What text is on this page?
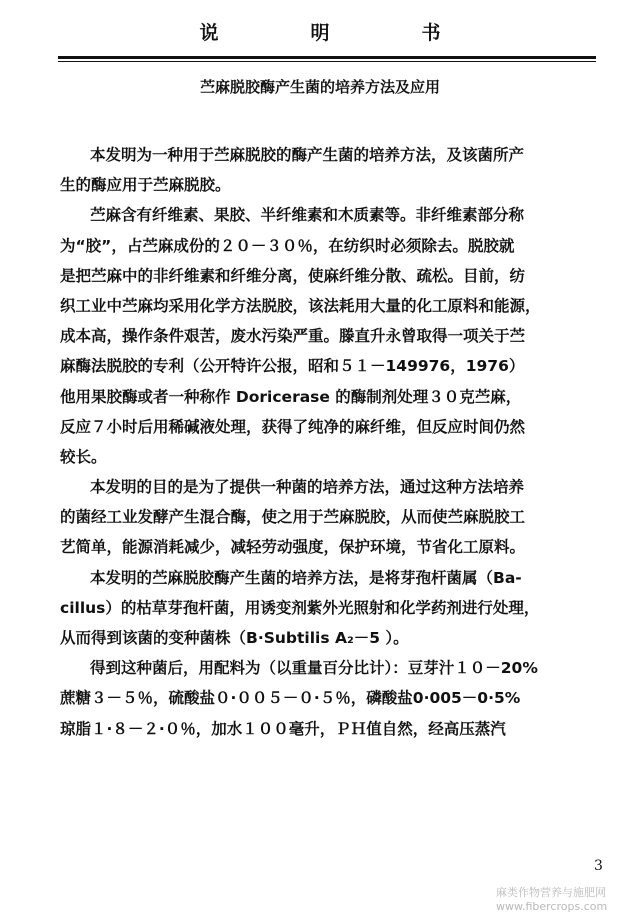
说	明	书
苎麻脱胶酶产生菌的培养方法及应用
本发明为一种用于苎麻脱胶的酶产生菌的培养方法，及该菌所产
生的酶应用于苎麻脱胶。
苎麻含有纤维素、果胶、半纤维素和木质素等。非纤维素部分称
为“胶”，占苎麻成份的２０－３０％，在纺织时必须除去。脱胶就
是把苎麻中的非纤维素和纤维分离，使麻纤维分散、疏松。目前，纺
织工业中苎麻均采用化学方法脱胶，该法耗用大量的化工原料和能源，
成本高，操作条件艰苦，废水污染严重。滕直升永曾取得一项关于苎
麻酶法脱胶的专利（公开特许公报，昭和５１－149976，1976）
他用果胶酶或者一种称作 Doricerase 的酶制剂处理３０克苎麻，
反应７小时后用稀碱液处理，获得了纯净的麻纤维，但反应时间仍然
较长。
本发明的目的是为了提供一种菌的培养方法，通过这种方法培养
的菌经工业发酵产生混合酶，使之用于苎麻脱胶，从而使苎麻脱胶工
艺简单，能源消耗减少，减轻劳动强度，保护环境，节省化工原料。
本发明的苎麻脱胶酶产生菌的培养方法，是将芽孢杆菌属（Ba-
cillus）的枯草芽孢杆菌，用诱变剂紫外光照射和化学药剂进行处理，
从而得到该菌的变种菌株（B·Subtilis A₂－5 ）。
得到这种菌后，用配料为（以重量百分比计）：豆芽汁１０－20%
蔗糖３－５％，硫酸盐０·００５－０·５％，磷酸盐0·005－0·5%
琼脂１·８－２·０％，加水１００毫升，ＰＨ值自然，经高压蒸汽
3
麻类作物营养与施肥网 www.fibercrops.com
